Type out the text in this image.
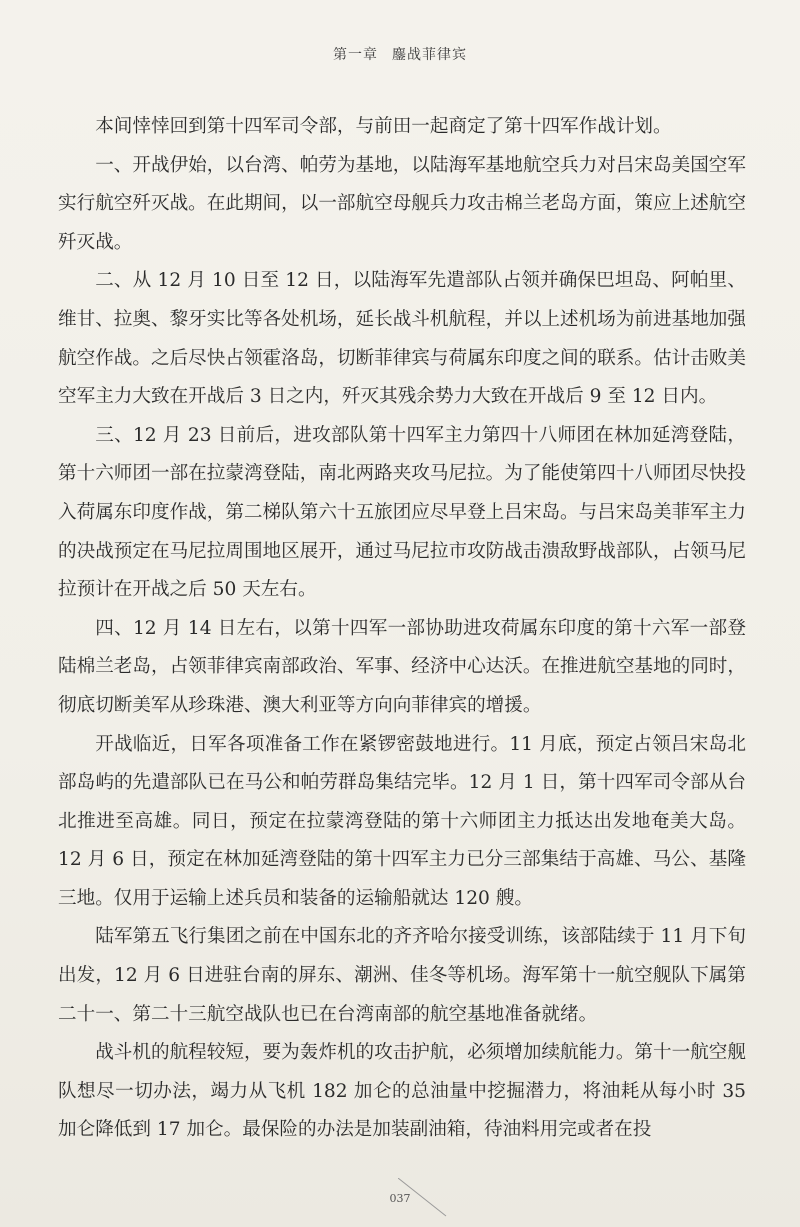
第一章 鏖战菲律宾

本间悻悻回到第十四军司令部，与前田一起商定了第十四军作战计划。

一、开战伊始，以台湾、帕劳为基地，以陆海军基地航空兵力对吕宋岛美国空军实行航空歼灭战。在此期间，以一部航空母舰兵力攻击棉兰老岛方面，策应上述航空歼灭战。

二、从 12 月 10 日至 12 日，以陆海军先遣部队占领并确保巴坦岛、阿帕里、维甘、拉奥、黎牙实比等各处机场，延长战斗机航程，并以上述机场为前进基地加强航空作战。之后尽快占领霍洛岛，切断菲律宾与荷属东印度之间的联系。估计击败美空军主力大致在开战后 3 日之内，歼灭其残余势力大致在开战后 9 至 12 日内。

三、12 月 23 日前后，进攻部队第十四军主力第四十八师团在林加延湾登陆，第十六师团一部在拉蒙湾登陆，南北两路夹攻马尼拉。为了能使第四十八师团尽快投入荷属东印度作战，第二梯队第六十五旅团应尽早登上吕宋岛。与吕宋岛美菲军主力的决战预定在马尼拉周围地区展开，通过马尼拉市攻防战击溃敌野战部队，占领马尼拉预计在开战之后 50 天左右。

四、12 月 14 日左右，以第十四军一部协助进攻荷属东印度的第十六军一部登陆棉兰老岛，占领菲律宾南部政治、军事、经济中心达沃。在推进航空基地的同时，彻底切断美军从珍珠港、澳大利亚等方向向菲律宾的增援。

开战临近，日军各项准备工作在紧锣密鼓地进行。11 月底，预定占领吕宋岛北部岛屿的先遣部队已在马公和帕劳群岛集结完毕。12 月 1 日，第十四军司令部从台北推进至高雄。同日，预定在拉蒙湾登陆的第十六师团主力抵达出发地奄美大岛。12 月 6 日，预定在林加延湾登陆的第十四军主力已分三部集结于高雄、马公、基隆三地。仅用于运输上述兵员和装备的运输船就达 120 艘。

陆军第五飞行集团之前在中国东北的齐齐哈尔接受训练，该部陆续于 11 月下旬出发，12 月 6 日进驻台南的屏东、潮洲、佳冬等机场。海军第十一航空舰队下属第二十一、第二十三航空战队也已在台湾南部的航空基地准备就绪。

战斗机的航程较短，要为轰炸机的攻击护航，必须增加续航能力。第十一航空舰队想尽一切办法，竭力从飞机 182 加仑的总油量中挖掘潜力，将油耗从每小时 35 加仑降低到 17 加仑。最保险的办法是加装副油箱，待油料用完或者在投

037
